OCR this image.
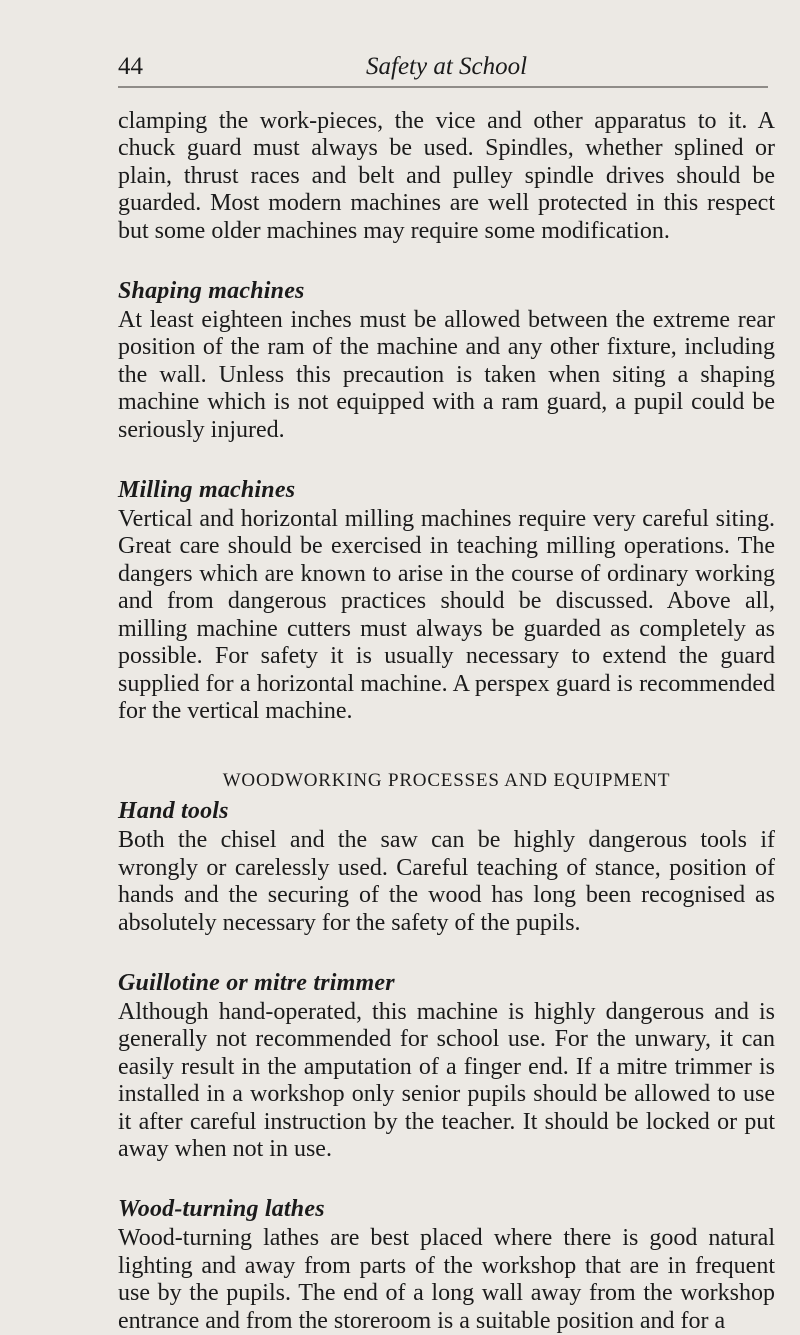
44	Safety at School

clamping the work-pieces, the vice and other apparatus to it. A chuck guard must always be used. Spindles, whether splined or plain, thrust races and belt and pulley spindle drives should be guarded. Most modern machines are well protected in this respect but some older machines may require some modification.

Shaping machines

At least eighteen inches must be allowed between the extreme rear position of the ram of the machine and any other fixture, including the wall. Unless this precaution is taken when siting a shaping machine which is not equipped with a ram guard, a pupil could be seriously injured.

Milling machines

Vertical and horizontal milling machines require very careful siting. Great care should be exercised in teaching milling operations. The dangers which are known to arise in the course of ordinary working and from dangerous practices should be discussed. Above all, milling machine cutters must always be guarded as completely as possible. For safety it is usually necessary to extend the guard supplied for a horizontal machine. A perspex guard is recommended for the vertical machine.

WOODWORKING PROCESSES AND EQUIPMENT
Hand tools

Both the chisel and the saw can be highly dangerous tools if wrongly or carelessly used. Careful teaching of stance, position of hands and the securing of the wood has long been recognised as absolutely necessary for the safety of the pupils.

Guillotine or mitre trimmer

Although hand-operated, this machine is highly dangerous and is generally not recommended for school use. For the unwary, it can easily result in the amputation of a finger end. If a mitre trimmer is installed in a workshop only senior pupils should be allowed to use it after careful instruction by the teacher. It should be locked or put away when not in use.

Wood-turning lathes

Wood-turning lathes are best placed where there is good natural lighting and away from parts of the workshop that are in frequent use by the pupils. The end of a long wall away from the workshop entrance and from the storeroom is a suitable position and for a
